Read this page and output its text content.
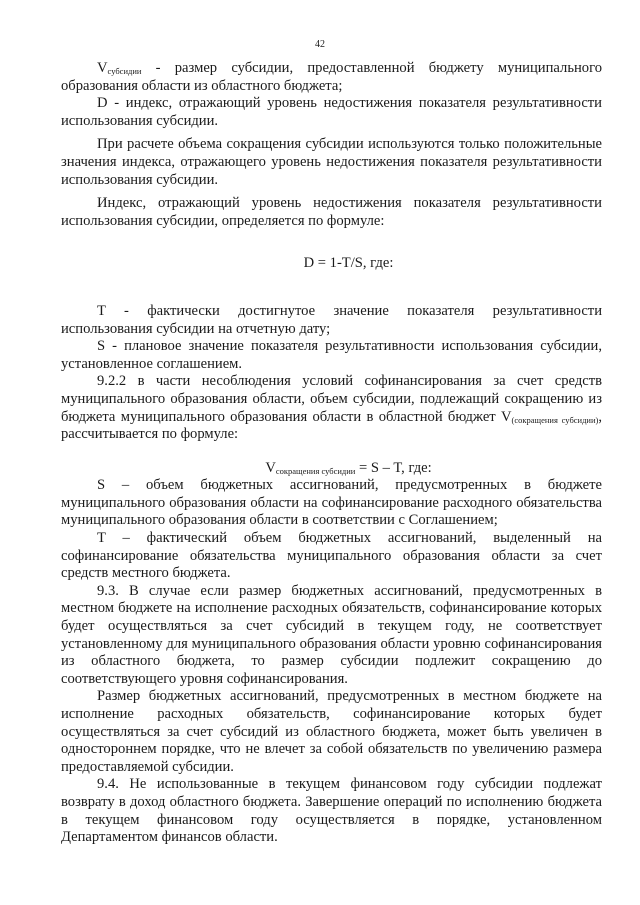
42

$V_{субсидии}$ - размер субсидии, предоставленной бюджету муниципального образования области из областного бюджета;

D - индекс, отражающий уровень недостижения показателя результативности использования субсидии.

При расчете объема сокращения субсидии используются только положительные значения индекса, отражающего уровень недостижения показателя результативности использования субсидии.

Индекс, отражающий уровень недостижения показателя результативности использования субсидии, определяется по формуле:

D = 1-T/S, где:

T - фактически достигнутое значение показателя результативности использования субсидии на отчетную дату;

S - плановое значение показателя результативности использования субсидии, установленное соглашением.

9.2.2 в части несоблюдения условий софинансирования за счет средств муниципального образования области, объем субсидии, подлежащий сокращению из бюджета муниципального образования области в областной бюджет $V_{(сокращения субсидии)}$, рассчитывается по формуле:

$V_{сокращения субсидии} = S - T$, где:

S – объем бюджетных ассигнований, предусмотренных в бюджете муниципального образования области на софинансирование расходного обязательства муниципального образования области в соответствии с Соглашением;

T – фактический объем бюджетных ассигнований, выделенный на софинансирование обязательства муниципального образования области за счет средств местного бюджета.

9.3. В случае если размер бюджетных ассигнований, предусмотренных в местном бюджете на исполнение расходных обязательств, софинансирование которых будет осуществляться за счет субсидий в текущем году, не соответствует установленному для муниципального образования области уровню софинансирования из областного бюджета, то размер субсидии подлежит сокращению до соответствующего уровня софинансирования.

Размер бюджетных ассигнований, предусмотренных в местном бюджете на исполнение расходных обязательств, софинансирование которых будет осуществляться за счет субсидий из областного бюджета, может быть увеличен в одностороннем порядке, что не влечет за собой обязательств по увеличению размера предоставляемой субсидии.

9.4. Не использованные в текущем финансовом году субсидии подлежат возврату в доход областного бюджета. Завершение операций по исполнению бюджета в текущем финансовом году осуществляется в порядке, установленном Департаментом финансов области.
